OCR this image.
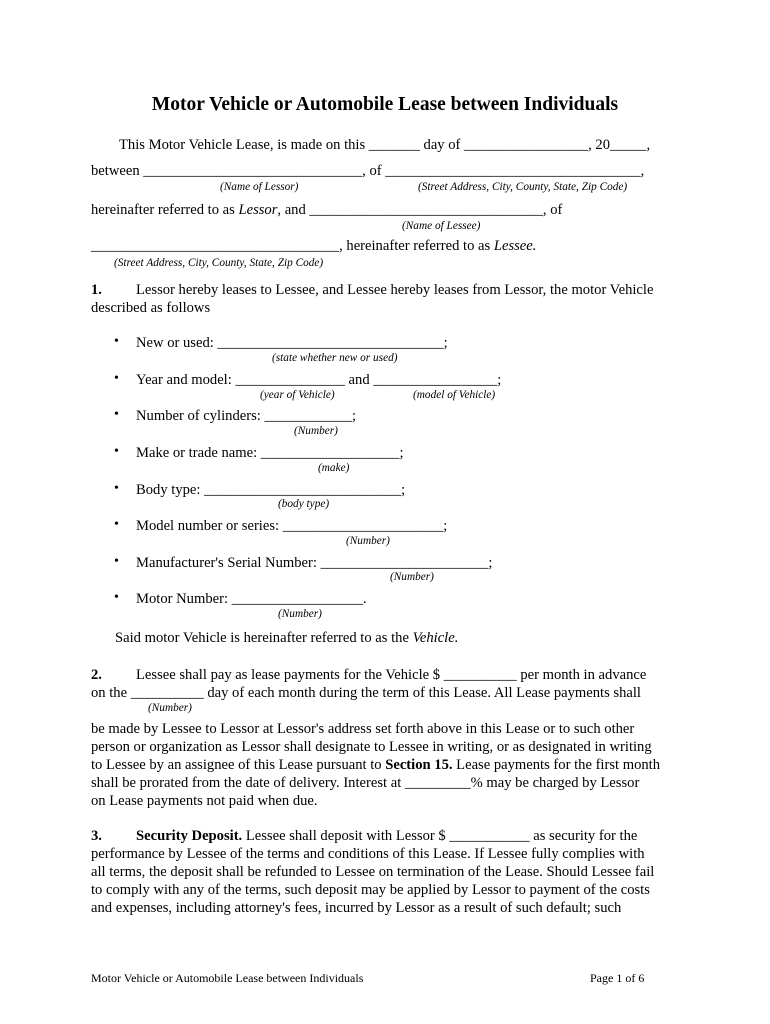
Motor Vehicle or Automobile Lease between Individuals
This Motor Vehicle Lease, is made on this _______ day of _________________, 20_____,
between ______________________________, of ___________________________________,
(Name of Lessor)	(Street Address, City, County, State, Zip Code)
hereinafter referred to as Lessor, and ________________________________, of
(Name of Lessee)
__________________________________, hereinafter referred to as Lessee.
(Street Address, City, County, State, Zip Code)
1. Lessor hereby leases to Lessee, and Lessee hereby leases from Lessor, the motor Vehicle
described as follows
• New or used: _______________________________;
(state whether new or used)
• Year and model: _______________ and _________________;
(year of Vehicle)	(model of Vehicle)
• Number of cylinders: ____________;
(Number)
• Make or trade name: ___________________;
(make)
• Body type: ___________________________;
(body type)
• Model number or series: ______________________;
(Number)
• Manufacturer's Serial Number: _______________________;
(Number)
• Motor Number: __________________.
(Number)
Said motor Vehicle is hereinafter referred to as the Vehicle.
2. Lessee shall pay as lease payments for the Vehicle $ __________ per month in advance
on the __________ day of each month during the term of this Lease. All Lease payments shall
(Number)
be made by Lessee to Lessor at Lessor's address set forth above in this Lease or to such other
person or organization as Lessor shall designate to Lessee in writing, or as designated in writing
to Lessee by an assignee of this Lease pursuant to Section 15. Lease payments for the first month
shall be prorated from the date of delivery. Interest at _________% may be charged by Lessor
on Lease payments not paid when due.
3. Security Deposit. Lessee shall deposit with Lessor $ ___________ as security for the
performance by Lessee of the terms and conditions of this Lease. If Lessee fully complies with
all terms, the deposit shall be refunded to Lessee on termination of the Lease. Should Lessee fail
to comply with any of the terms, such deposit may be applied by Lessor to payment of the costs
and expenses, including attorney's fees, incurred by Lessor as a result of such default; such
Motor Vehicle or Automobile Lease between Individuals	Page 1 of 6
